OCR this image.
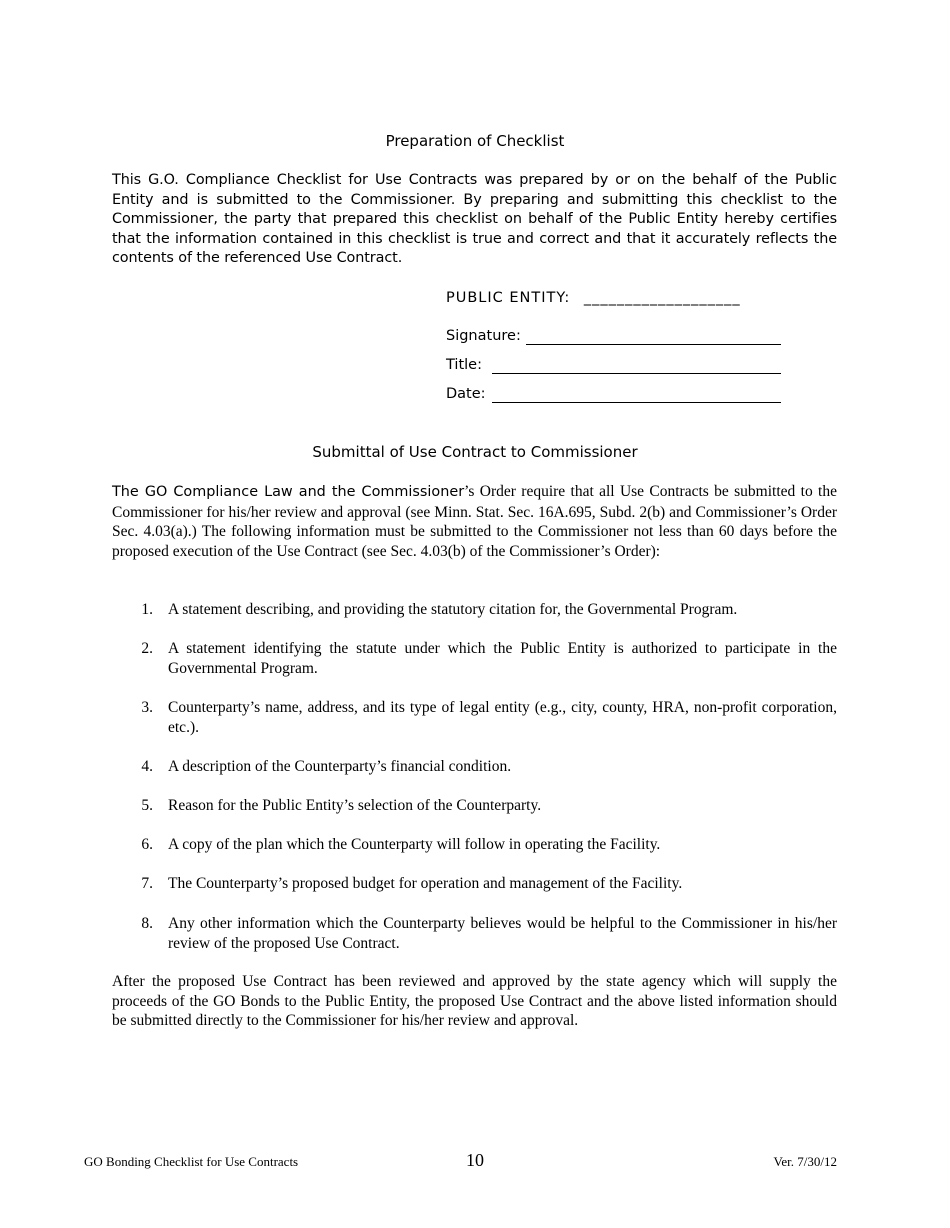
Preparation of Checklist
This G.O. Compliance Checklist for Use Contracts was prepared by or on the behalf of the Public Entity and is submitted to the Commissioner. By preparing and submitting this checklist to the Commissioner, the party that prepared this checklist on behalf of the Public Entity hereby certifies that the information contained in this checklist is true and correct and that it accurately reflects the contents of the referenced Use Contract.
PUBLIC ENTITY: ___________________
Signature:
Title:
Date:
Submittal of Use Contract to Commissioner
The GO Compliance Law and the Commissioner’s Order require that all Use Contracts be submitted to the Commissioner for his/her review and approval (see Minn. Stat. Sec. 16A.695, Subd. 2(b) and Commissioner’s Order Sec. 4.03(a).) The following information must be submitted to the Commissioner not less than 60 days before the proposed execution of the Use Contract (see Sec. 4.03(b) of the Commissioner’s Order):
1. A statement describing, and providing the statutory citation for, the Governmental Program.
2. A statement identifying the statute under which the Public Entity is authorized to participate in the Governmental Program.
3. Counterparty’s name, address, and its type of legal entity (e.g., city, county, HRA, non-profit corporation, etc.).
4. A description of the Counterparty’s financial condition.
5. Reason for the Public Entity’s selection of the Counterparty.
6. A copy of the plan which the Counterparty will follow in operating the Facility.
7. The Counterparty’s proposed budget for operation and management of the Facility.
8. Any other information which the Counterparty believes would be helpful to the Commissioner in his/her review of the proposed Use Contract.
After the proposed Use Contract has been reviewed and approved by the state agency which will supply the proceeds of the GO Bonds to the Public Entity, the proposed Use Contract and the above listed information should be submitted directly to the Commissioner for his/her review and approval.
GO Bonding Checklist for Use Contracts	10	Ver. 7/30/12
